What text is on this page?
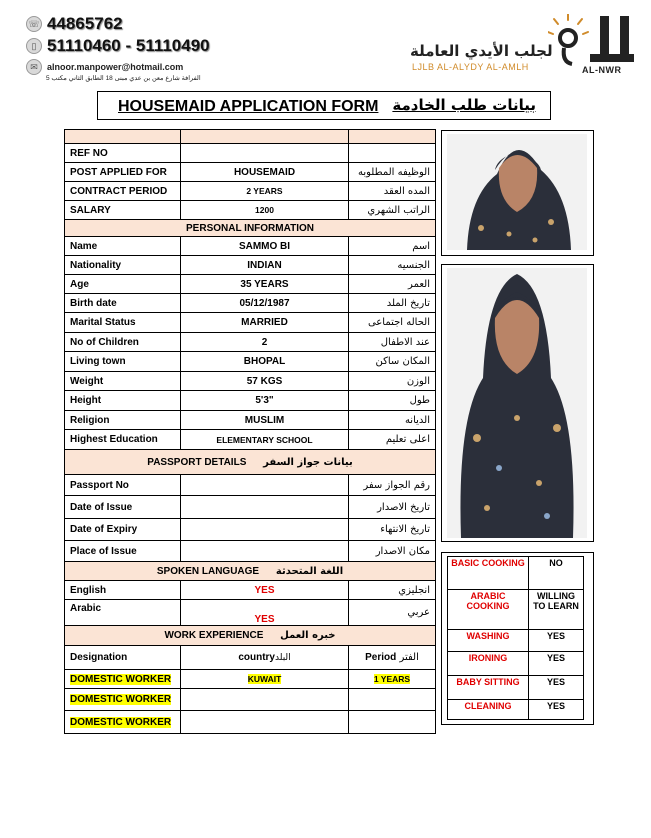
☏ 44865762
▯ 51110460 - 51110490
✉	alnoor.manpower@hotmail.com
الفرافة شارع معن بن عدي مبنى 18 الطابق الثاني مكتب 5
لجلب الأيدي العاملة
LJLB AL-ALYDY AL-AMLH	AL-NWR
HOUSEMAID APPLICATION FORM بيانات طلب الخادمة

REF NO		
POST APPLIED FOR	HOUSEMAID	الوظيفه المطلوبه
CONTRACT PERIOD	2 YEARS	المده العقد
SALARY	1200	الراتب الشهري
PERSONAL INFORMATION		
Name	SAMMO BI	اسم
Nationality	INDIAN	الجنسيه
Age	35 YEARS	العمر
Birth date	05/12/1987	تاريخ الملد
Marital Status	MARRIED	الحاله اجتماعى
No of Children	2	عند الاطفال
Living town	BHOPAL	المكان ساكن
Weight	57 KGS	الوزن
Height	5'3"	طول
Religion	MUSLIM	الديانه
Highest Education	ELEMENTARY SCHOOL	اعلى تعليم
PASSPORT DETAILS بيانات جواز السفر		
Passport No		رقم الجواز سفر
Date of Issue		تاريخ الاصدار
Date of Expiry		تاريخ الانتهاء
Place of Issue		مكان الاصدار
SPOKEN LANGUAGE اللغة المتحدثة		
English	YES	انجليزي
Arabic	YES	عربي
WORK EXPERIENCE خبره العمل		
Designation	countryالبلد	Period الفتر
DOMESTIC WORKER	KUWAIT	1 YEARS
DOMESTIC WORKER		
DOMESTIC WORKER		
BASIC COOKING	NO
ARABIC COOKING	WILLING TO LEARN
WASHING	YES
IRONING	YES
BABY SITTING	YES
CLEANING	YES
